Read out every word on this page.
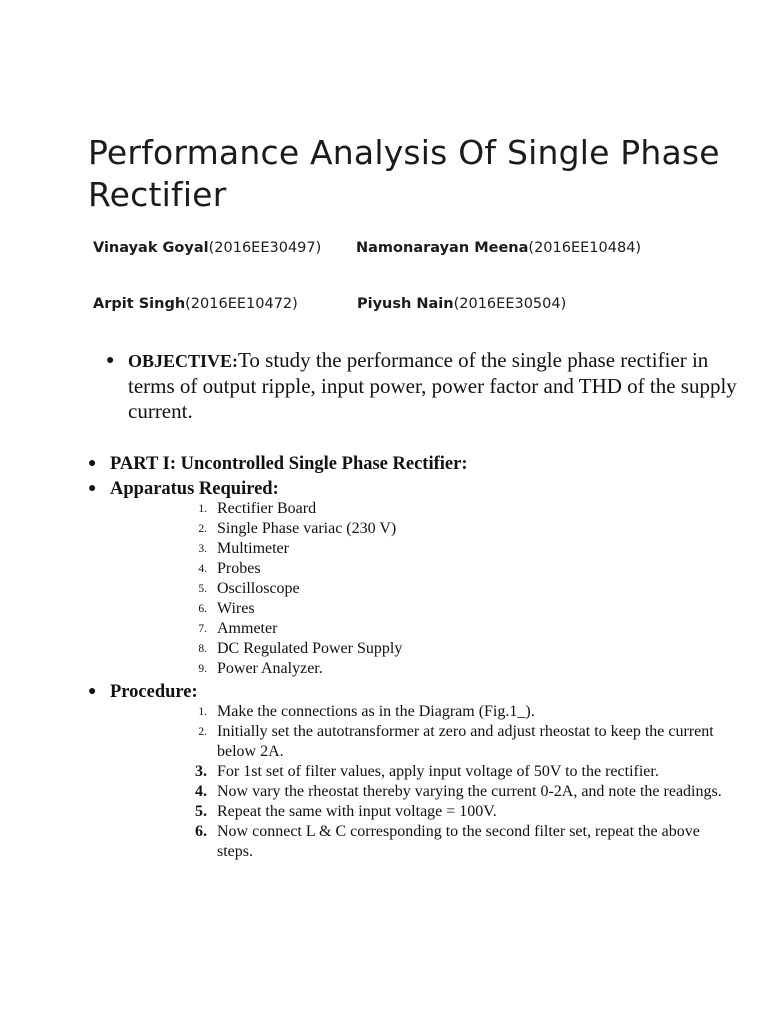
Performance Analysis Of Single Phase Rectifier
Vinayak Goyal(2016EE30497) Namonarayan Meena(2016EE10484)
Arpit Singh(2016EE10472)	Piyush Nain(2016EE30504)
● OBJECTIVE:To study the performance of the single phase rectifier in terms of output ripple, input power, power factor and THD of the supply current.
● PART I: Uncontrolled Single Phase Rectifier:
● Apparatus Required:
1. Rectifier Board
2. Single Phase variac (230 V)
3. Multimeter
4. Probes
5. Oscilloscope
6. Wires
7. Ammeter
8. DC Regulated Power Supply
9. Power Analyzer.
● Procedure:
1. Make the connections as in the Diagram (Fig.1_).
2. Initially set the autotransformer at zero and adjust rheostat to keep the current below 2A.
3. For 1st set of filter values, apply input voltage of 50V to the rectifier.
4. Now vary the rheostat thereby varying the current 0-2A, and note the readings.
5. Repeat the same with input voltage = 100V.
6. Now connect L & C corresponding to the second filter set, repeat the above steps.
